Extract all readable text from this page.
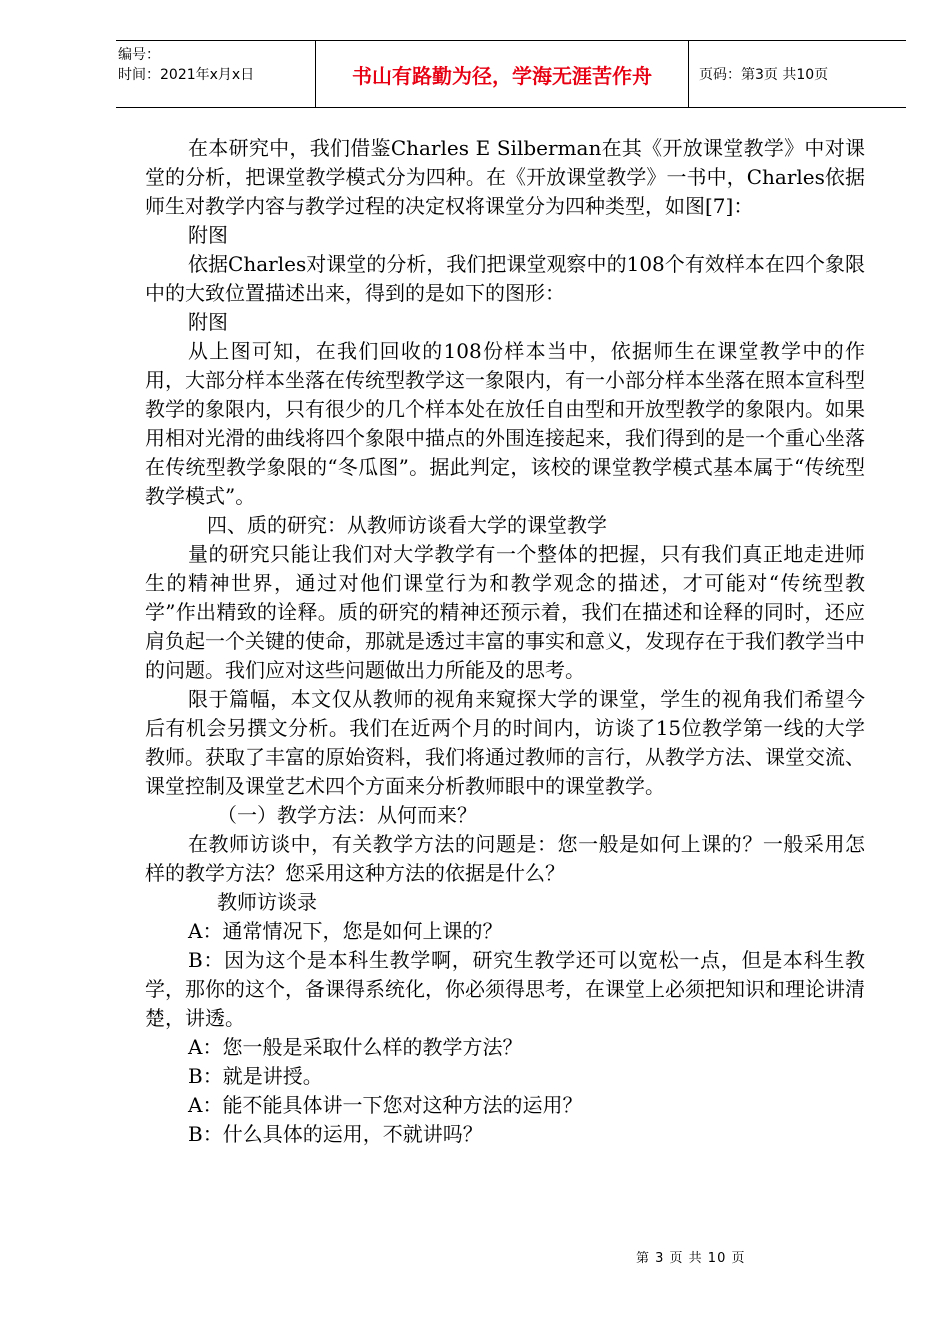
编号：
时间：2021年x月x日	书山有路勤为径，学海无涯苦作舟	页码：第3页 共10页

在本研究中，我们借鉴Charles E Silberman在其《开放课堂教学》中对课堂的分析，把课堂教学模式分为四种。在《开放课堂教学》一书中，Charles依据师生对教学内容与教学过程的决定权将课堂分为四种类型，如图[7]：

附图

依据Charles对课堂的分析，我们把课堂观察中的108个有效样本在四个象限中的大致位置描述出来，得到的是如下的图形：

附图

从上图可知，在我们回收的108份样本当中，依据师生在课堂教学中的作用，大部分样本坐落在传统型教学这一象限内，有一小部分样本坐落在照本宣科型教学的象限内，只有很少的几个样本处在放任自由型和开放型教学的象限内。如果用相对光滑的曲线将四个象限中描点的外围连接起来，我们得到的是一个重心坐落在传统型教学象限的“冬瓜图”。据此判定，该校的课堂教学模式基本属于“传统型教学模式”。

四、质的研究：从教师访谈看大学的课堂教学

量的研究只能让我们对大学教学有一个整体的把握，只有我们真正地走进师生的精神世界，通过对他们课堂行为和教学观念的描述，才可能对“传统型教学”作出精致的诠释。质的研究的精神还预示着，我们在描述和诠释的同时，还应肩负起一个关键的使命，那就是透过丰富的事实和意义，发现存在于我们教学当中的问题。我们应对这些问题做出力所能及的思考。

限于篇幅，本文仅从教师的视角来窥探大学的课堂，学生的视角我们希望今后有机会另撰文分析。我们在近两个月的时间内，访谈了15位教学第一线的大学教师。获取了丰富的原始资料，我们将通过教师的言行，从教学方法、课堂交流、课堂控制及课堂艺术四个方面来分析教师眼中的课堂教学。

（一）教学方法：从何而来？

在教师访谈中，有关教学方法的问题是：您一般是如何上课的？一般采用怎样的教学方法？您采用这种方法的依据是什么？

教师访谈录

A：通常情况下，您是如何上课的？

B：因为这个是本科生教学啊，研究生教学还可以宽松一点，但是本科生教学，那你的这个，备课得系统化，你必须得思考，在课堂上必须把知识和理论讲清楚，讲透。

A：您一般是采取什么样的教学方法？

B：就是讲授。

A：能不能具体讲一下您对这种方法的运用？

B：什么具体的运用，不就讲吗？

第 3 页 共 10 页
